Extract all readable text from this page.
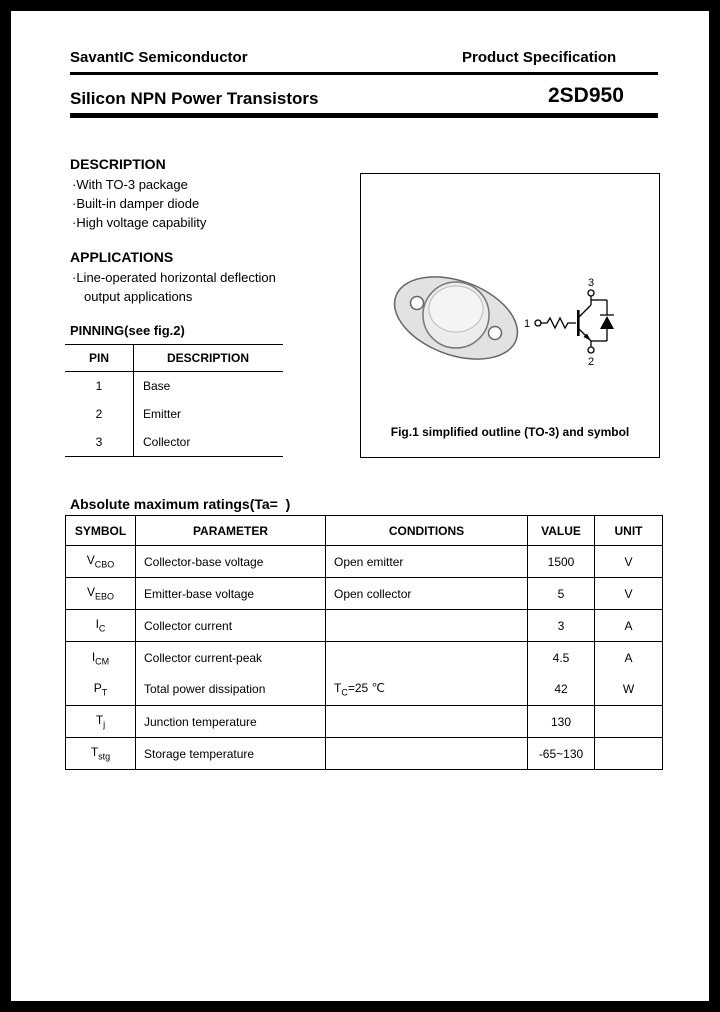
SavantIC Semiconductor	Product Specification
Silicon NPN Power Transistors	2SD950
DESCRIPTION
·With TO-3 package
·Built-in damper diode
·High voltage capability
APPLICATIONS
·Line-operated horizontal deflection
output applications
PINNING(see fig.2)
PIN	DESCRIPTION
1	Base
2	Emitter
3	Collector
3
1
2
Fig.1 simplified outline (TO-3) and symbol
Absolute maximum ratings(Ta=  )
SYMBOL	PARAMETER	CONDITIONS	VALUE	UNIT
$V_{CBO}$	Collector-base voltage	Open emitter	1500	V
$V_{EBO}$	Emitter-base voltage	Open collector	5	V
$I_C$	Collector current		3	A
$I_{CM}$	Collector current-peak		4.5	A
$P_T$	Total power dissipation	$T_C=25$ ℃	42	W
$T_j$	Junction temperature		130	
$T_{stg}$	Storage temperature		-65~130	
